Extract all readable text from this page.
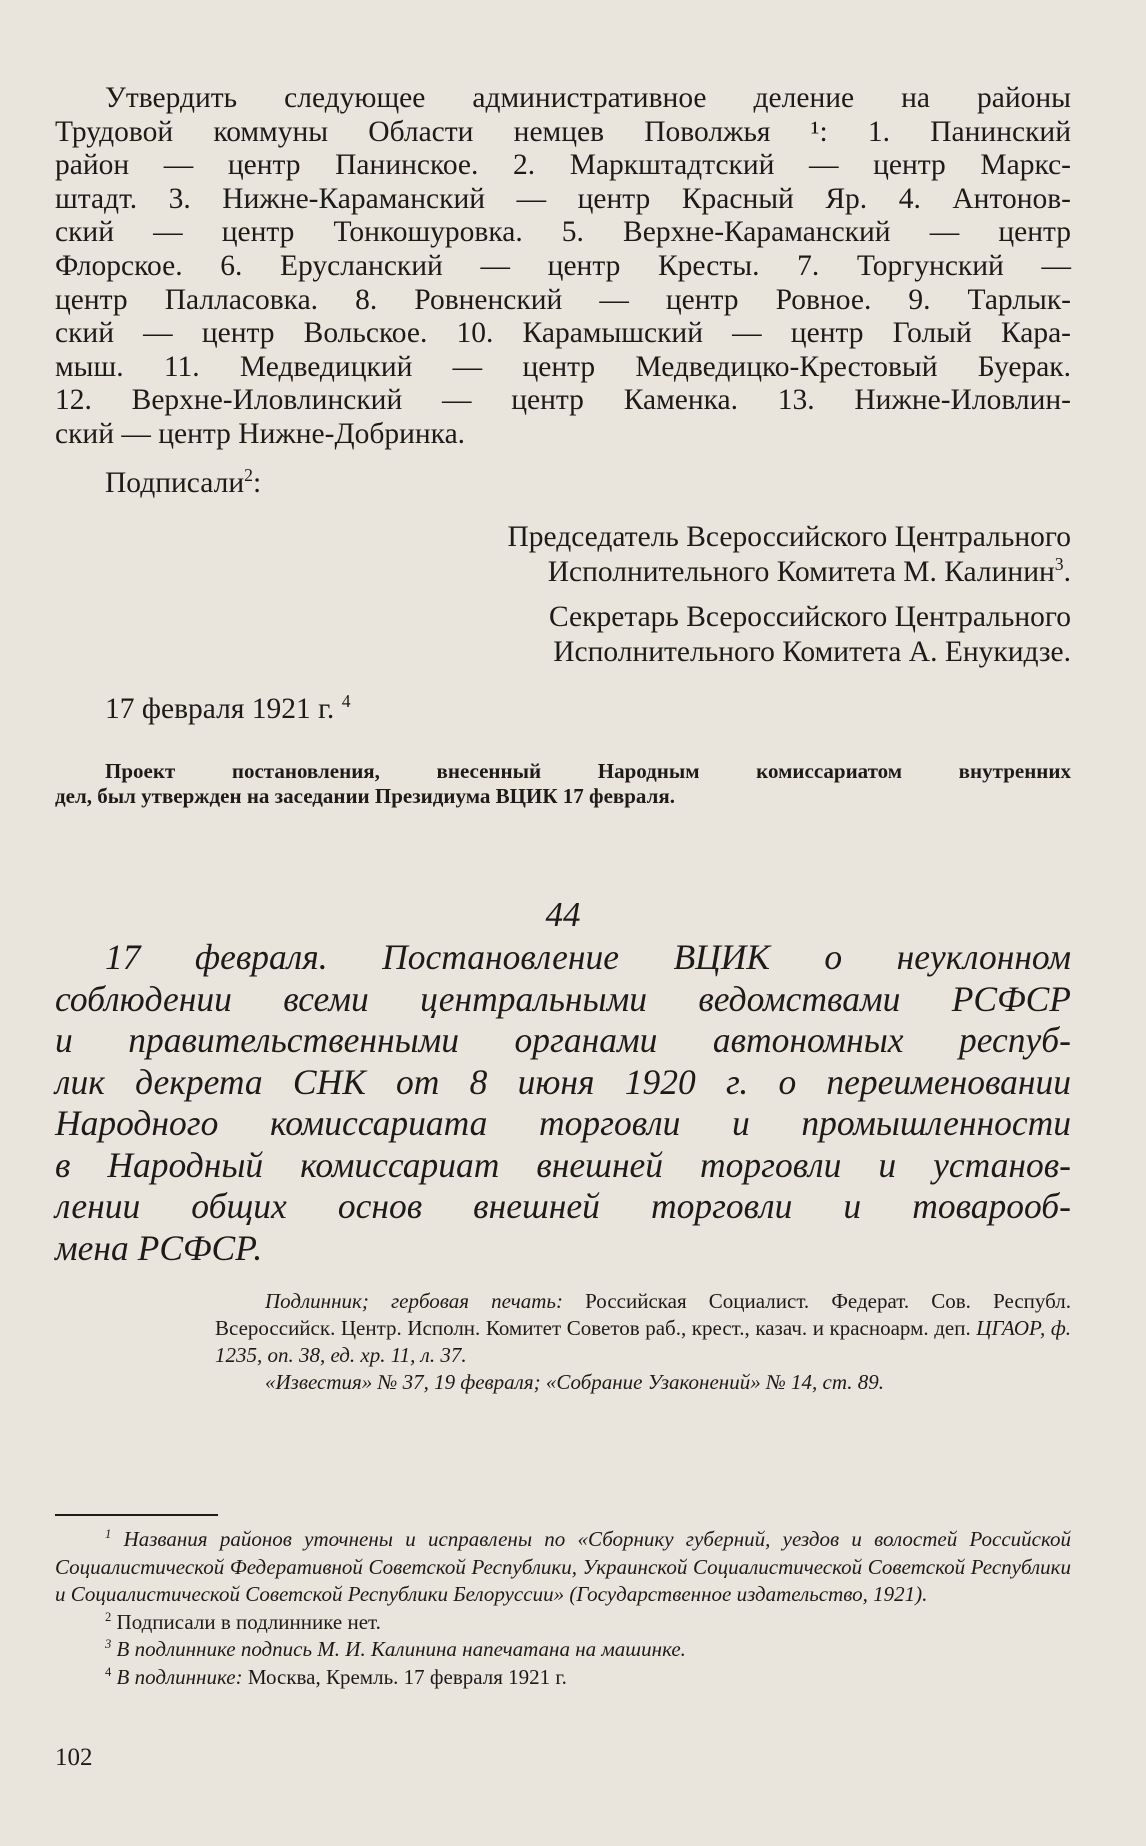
Утвердить следующее административное деление на районы

Трудовой коммуны Области немцев Поволжья ¹: 1. Панинский

район — центр Панинское. 2. Маркштадтский — центр Маркс-

штадт. 3. Нижне-Караманский — центр Красный Яр. 4. Антонов-

ский — центр Тонкошуровка. 5. Верхне-Караманский — центр

Флорское. 6. Еруcланский — центр Кресты. 7. Торгунский —

центр Палласовка. 8. Ровненский — центр Ровное. 9. Тарлык-

ский — центр Вольское. 10. Карамышский — центр Голый Кара-

мыш. 11. Медведицкий — центр Медведицко-Крестовый Буерак.

12. Верхне-Иловлинский — центр Каменка. 13. Нижне-Иловлин-

ский — центр Нижне-Добринка.

Подписали$^2$:
Председатель Всероссийского Центрального
Исполнительного Комитета М. Калинин$^3$.
Секретарь Всероссийского Центрального
Исполнительного Комитета А. Енукидзе.
17 февраля 1921 г. $^4$

Проект постановления, внесенный Народным комиссариатом внутренних

дел, был утвержден на заседании Президиума ВЦИК 17 февраля.

44

17 февраля. Постановление ВЦИК о неуклонном

соблюдении всеми центральными ведомствами РСФСР

и правительственными органами автономных респуб-

лик декрета СНК от 8 июня 1920 г. о переименовании

Народного комиссариата торговли и промышленности

в Народный комиссариат внешней торговли и установ-

лении общих основ внешней торговли и товарооб-

мена РСФСР.

Подлинник; гербовая печать: Российская Социалист. Федерат. Сов. Республ. Всероссийск. Центр. Исполн. Комитет Советов раб., крест., казач. и красноарм. деп. ЦГАОР, ф. 1235, оп. 38, ед. хр. 11, л. 37.

«Известия» № 37, 19 февраля; «Собрание Узаконений» № 14, ст. 89.

$^1$ Названия районов уточнены и исправлены по «Сборнику губерний, уездов и волостей Российской Социалистической Федеративной Советской Республики, Украинской Социалистической Советской Республики и Социалистической Советской Республики Белоруссии» (Государственное издательство, 1921).

$^2$ Подписали в подлиннике нет.

$^3$ В подлиннике подпись М. И. Калинина напечатана на машинке.

$^4$ В подлиннике: Москва, Кремль. 17 февраля 1921 г.

102
